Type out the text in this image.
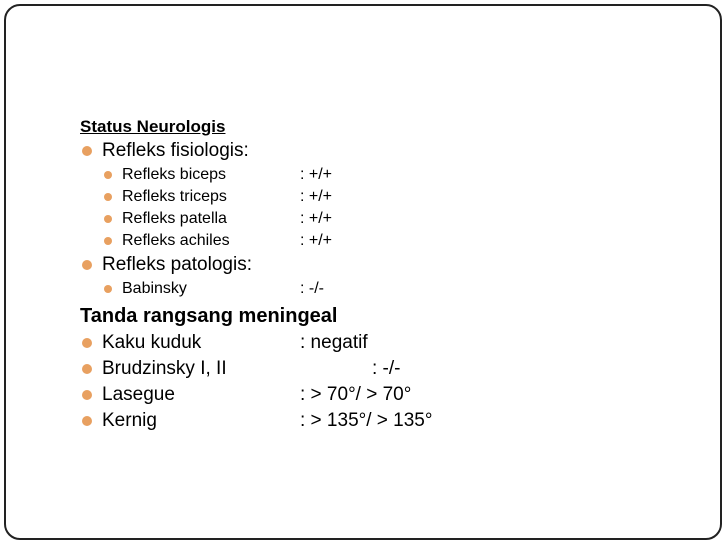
Status Neurologis
Refleks fisiologis:
Refleks biceps	: +/+
Refleks triceps	: +/+
Refleks patella	: +/+
Refleks achiles	: +/+
Refleks patologis:
Babinsky	: -/-
Tanda rangsang meningeal
Kaku kuduk	: negatif
Brudzinsky I, II	: -/-
Lasegue	: > 70°/ > 70°
Kernig	: > 135°/ > 135°
